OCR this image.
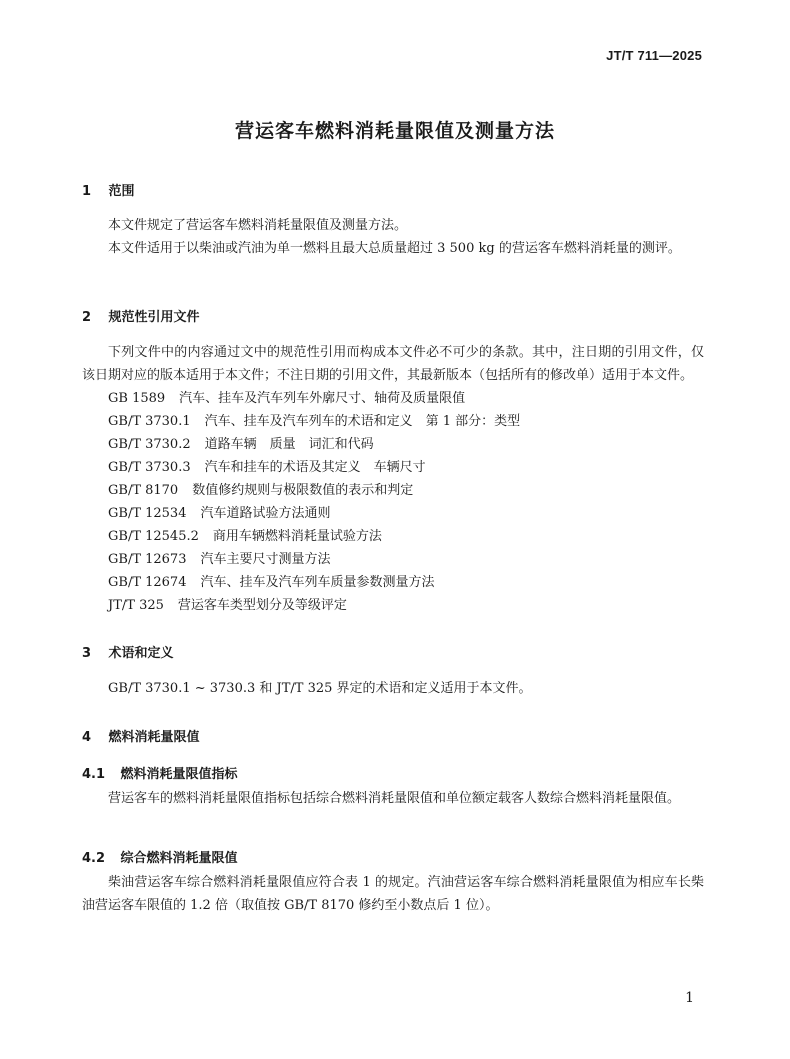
JT/T 711—2025
营运客车燃料消耗量限值及测量方法
1 范围

本文件规定了营运客车燃料消耗量限值及测量方法。

本文件适用于以柴油或汽油为单一燃料且最大总质量超过 3 500 kg 的营运客车燃料消耗量的测评。

2 规范性引用文件

下列文件中的内容通过文中的规范性引用而构成本文件必不可少的条款。其中，注日期的引用文件，仅该日期对应的版本适用于本文件；不注日期的引用文件，其最新版本（包括所有的修改单）适用于本文件。

GB 1589 汽车、挂车及汽车列车外廓尺寸、轴荷及质量限值
GB/T 3730.1 汽车、挂车及汽车列车的术语和定义　第 1 部分：类型
GB/T 3730.2 道路车辆　质量　词汇和代码
GB/T 3730.3 汽车和挂车的术语及其定义　车辆尺寸
GB/T 8170 数值修约规则与极限数值的表示和判定
GB/T 12534 汽车道路试验方法通则
GB/T 12545.2 商用车辆燃料消耗量试验方法
GB/T 12673 汽车主要尺寸测量方法
GB/T 12674 汽车、挂车及汽车列车质量参数测量方法
JT/T 325 营运客车类型划分及等级评定
3 术语和定义

GB/T 3730.1 ~ 3730.3 和 JT/T 325 界定的术语和定义适用于本文件。

4 燃料消耗量限值
4.1 燃料消耗量限值指标

营运客车的燃料消耗量限值指标包括综合燃料消耗量限值和单位额定载客人数综合燃料消耗量限值。

4.2 综合燃料消耗量限值

柴油营运客车综合燃料消耗量限值应符合表 1 的规定。汽油营运客车综合燃料消耗量限值为相应车长柴油营运客车限值的 1.2 倍（取值按 GB/T 8170 修约至小数点后 1 位）。

1
